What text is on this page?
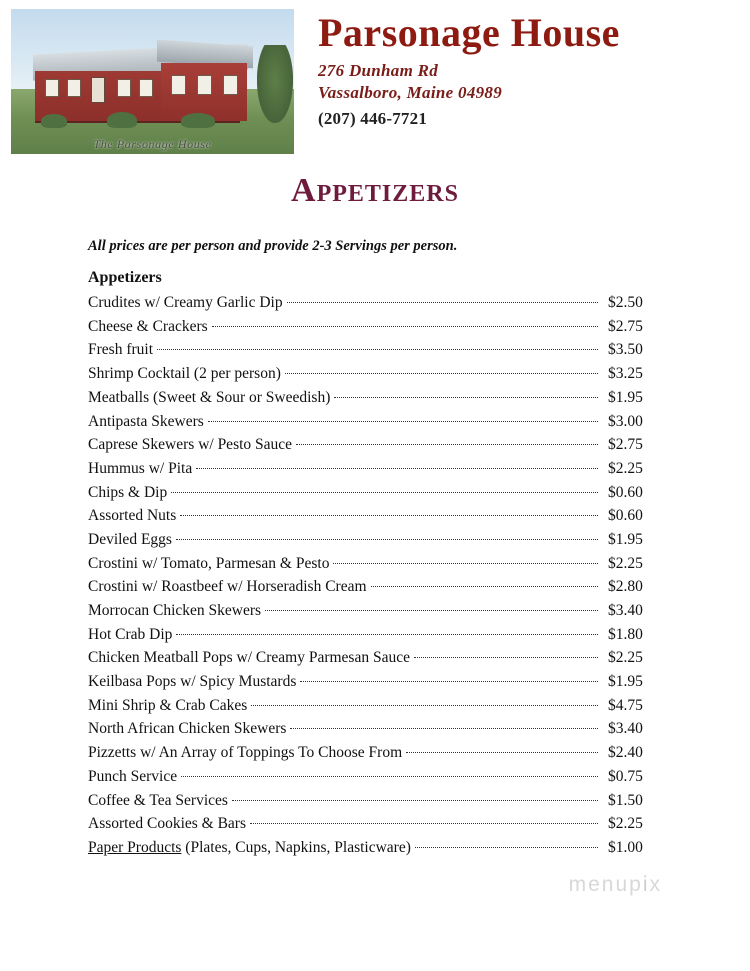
The Parsonage House
Parsonage House
276 Dunham Rd
Vassalboro, Maine 04989
(207) 446-7721
Appetizers
All prices are per person and provide 2-3 Servings per person.
Appetizers
Crudites w/ Creamy Garlic Dip	$2.50
Cheese & Crackers	$2.75
Fresh fruit	$3.50
Shrimp Cocktail (2 per person)	$3.25
Meatballs (Sweet & Sour or Sweedish)	$1.95
Antipasta Skewers	$3.00
Caprese Skewers w/ Pesto Sauce	$2.75
Hummus w/ Pita	$2.25
Chips & Dip	$0.60
Assorted Nuts	$0.60
Deviled Eggs	$1.95
Crostini w/ Tomato, Parmesan & Pesto	$2.25
Crostini w/ Roastbeef w/ Horseradish Cream	$2.80
Morrocan Chicken Skewers	$3.40
Hot Crab Dip	$1.80
Chicken Meatball Pops w/ Creamy Parmesan Sauce	$2.25
Keilbasa Pops w/ Spicy Mustards	$1.95
Mini Shrip & Crab Cakes	$4.75
North African Chicken Skewers	$3.40
Pizzetts w/ An Array of Toppings To Choose From	$2.40
Punch Service	$0.75
Coffee & Tea Services	$1.50
Assorted Cookies & Bars	$2.25
Paper Products (Plates, Cups, Napkins, Plasticware)	$1.00
menupix
